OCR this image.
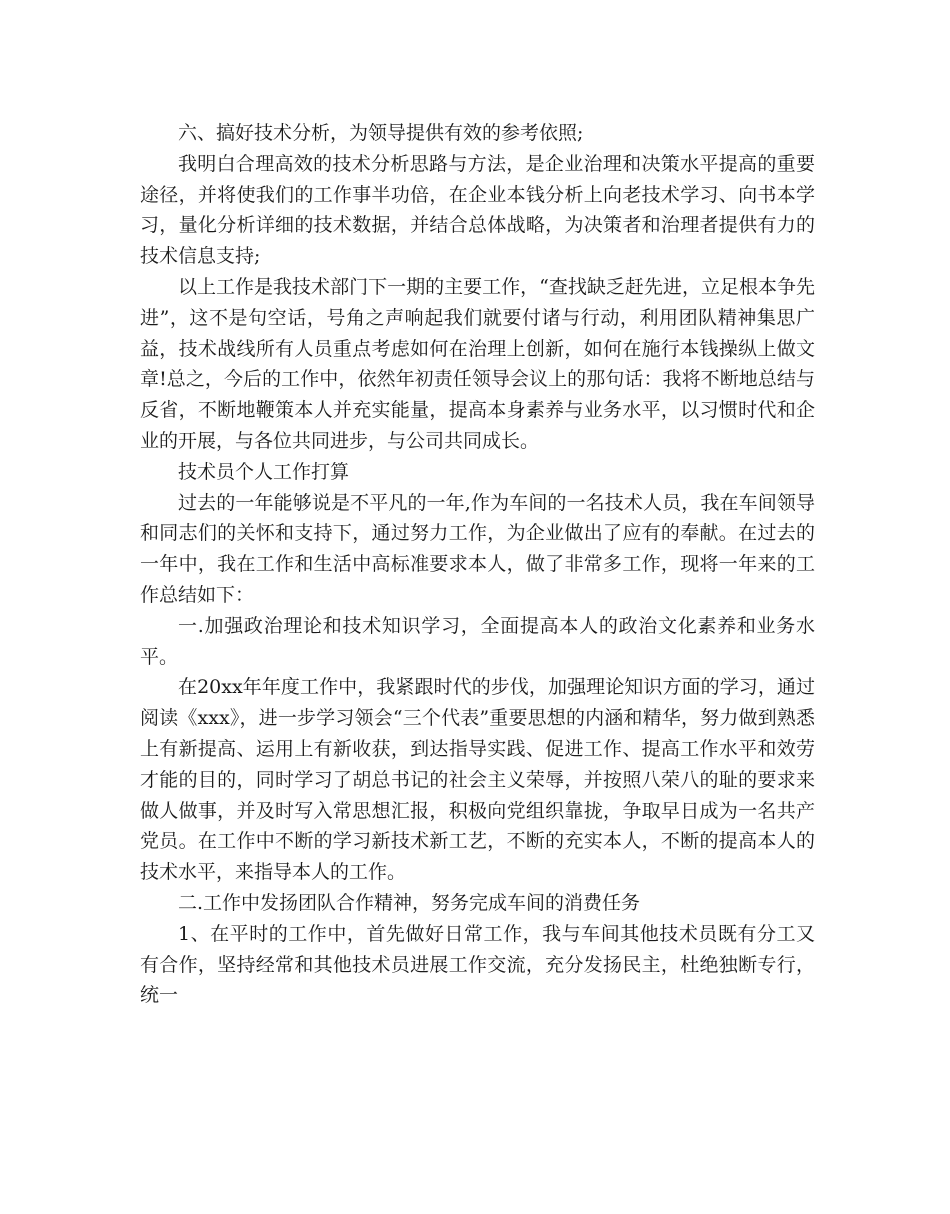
六、搞好技术分析，为领导提供有效的参考依照;

我明白合理高效的技术分析思路与方法，是企业治理和决策水平提高的重要途径，并将使我们的工作事半功倍，在企业本钱分析上向老技术学习、向书本学习，量化分析详细的技术数据，并结合总体战略，为决策者和治理者提供有力的技术信息支持;

以上工作是我技术部门下一期的主要工作，“查找缺乏赶先进，立足根本争先进”，这不是句空话，号角之声响起我们就要付诸与行动，利用团队精神集思广益，技术战线所有人员重点考虑如何在治理上创新，如何在施行本钱操纵上做文章!总之，今后的工作中，依然年初责任领导会议上的那句话：我将不断地总结与反省，不断地鞭策本人并充实能量，提高本身素养与业务水平，以习惯时代和企业的开展，与各位共同进步，与公司共同成长。

技术员个人工作打算

过去的一年能够说是不平凡的一年,作为车间的一名技术人员，我在车间领导和同志们的关怀和支持下，通过努力工作，为企业做出了应有的奉献。在过去的一年中，我在工作和生活中高标准要求本人，做了非常多工作，现将一年来的工作总结如下：

一.加强政治理论和技术知识学习，全面提高本人的政治文化素养和业务水平。

在20xx年年度工作中，我紧跟时代的步伐，加强理论知识方面的学习，通过阅读《xxx》，进一步学习领会“三个代表”重要思想的内涵和精华，努力做到熟悉上有新提高、运用上有新收获，到达指导实践、促进工作、提高工作水平和效劳才能的目的，同时学习了胡总书记的社会主义荣辱，并按照八荣八的耻的要求来做人做事，并及时写入常思想汇报，积极向党组织靠拢，争取早日成为一名共产党员。在工作中不断的学习新技术新工艺，不断的充实本人，不断的提高本人的技术水平，来指导本人的工作。

二.工作中发扬团队合作精神，努务完成车间的消费任务

1、在平时的工作中，首先做好日常工作，我与车间其他技术员既有分工又有合作，坚持经常和其他技术员进展工作交流，充分发扬民主，杜绝独断专行，统一
